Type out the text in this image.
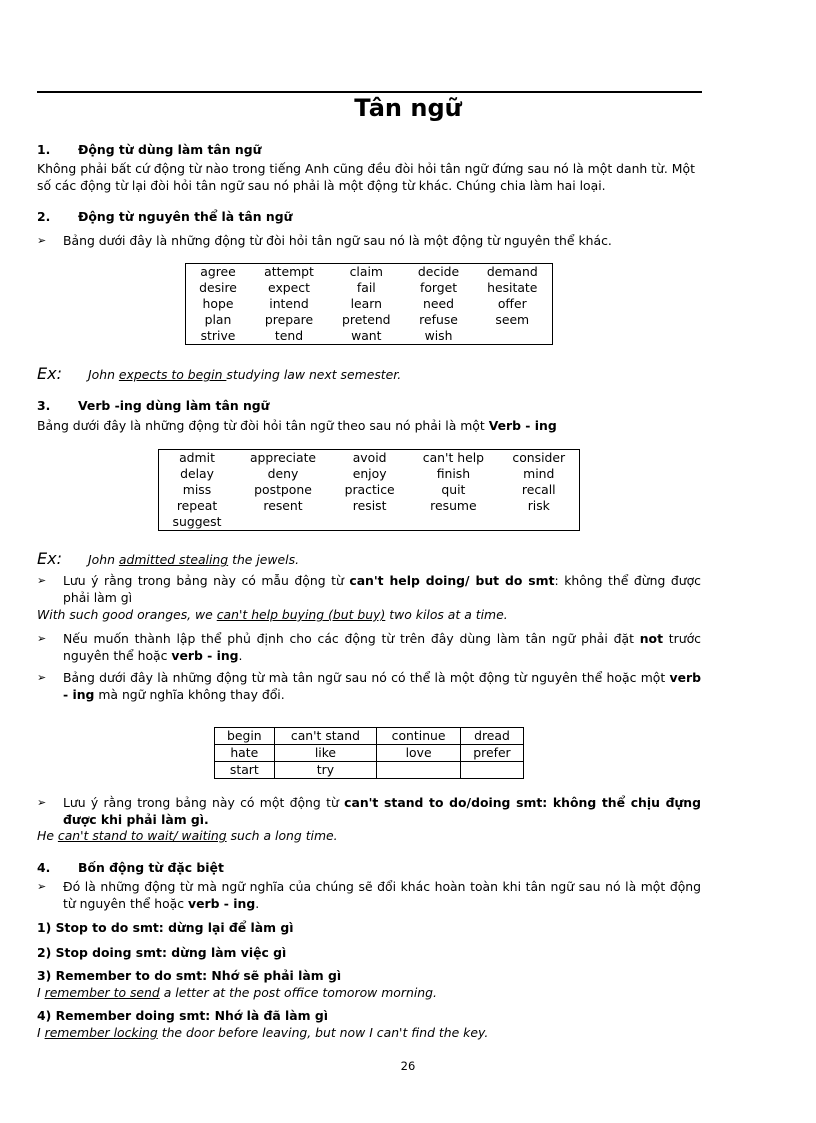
Tân ngữ
1. Động từ dùng làm tân ngữ
Không phải bất cứ động từ nào trong tiếng Anh cũng đều đòi hỏi tân ngữ đứng sau nó là một danh từ. Một
số các động từ lại đòi hỏi tân ngữ sau nó phải là một động từ khác. Chúng chia làm hai loại.
2. Động từ nguyên thể là tân ngữ
➢ Bảng dưới đây là những động từ đòi hỏi tân ngữ sau nó là một động từ nguyên thể khác.
agree	attempt	claim	decide	demand
desire	expect	fail	forget	hesitate
hope	intend	learn	need	offer
plan	prepare	pretend	refuse	seem
strive	tend	want	wish	
Ex: John expects to begin studying law next semester.
3. Verb -ing dùng làm tân ngữ
Bảng dưới đây là những động từ đòi hỏi tân ngữ theo sau nó phải là một Verb - ing
admit	appreciate	avoid	can't help	consider
delay	deny	enjoy	finish	mind
miss	postpone	practice	quit	recall
repeat	resent	resist	resume	risk
suggest				
Ex: John admitted stealing the jewels.
➢ Lưu ý rằng trong bảng này có mẫu động từ can't help doing/ but do smt: không thể đừng được phải làm gì
With such good oranges, we can't help buying (but buy) two kilos at a time.
➢ Nếu muốn thành lập thể phủ định cho các động từ trên đây dùng làm tân ngữ phải đặt not trước nguyên thể hoặc verb - ing.
➢ Bảng dưới đây là những động từ mà tân ngữ sau nó có thể là một động từ nguyên thể hoặc một verb - ing mà ngữ nghĩa không thay đổi.
begin	can't stand	continue	dread
hate	like	love	prefer
start	try		
➢ Lưu ý rằng trong bảng này có một động từ can't stand to do/doing smt: không thể chịu đựng được khi phải làm gì.
He can't stand to wait/ waiting such a long time.
4. Bốn động từ đặc biệt
➢ Đó là những động từ mà ngữ nghĩa của chúng sẽ đổi khác hoàn toàn khi tân ngữ sau nó là một động từ nguyên thể hoặc verb - ing.
1) Stop to do smt: dừng lại để làm gì
2) Stop doing smt: dừng làm việc gì
3) Remember to do smt: Nhớ sẽ phải làm gì
I remember to send a letter at the post office tomorow morning.
4) Remember doing smt: Nhớ là đã làm gì
I remember locking the door before leaving, but now I can't find the key.
26
